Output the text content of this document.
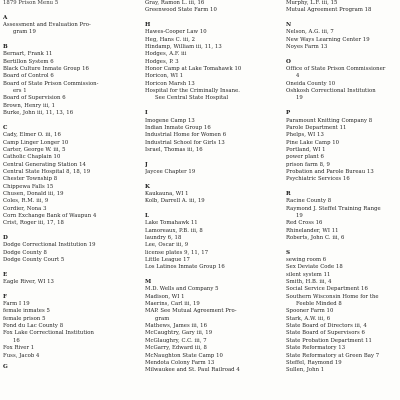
1879 Prison Menu 5
A
Assessment and Evaluation Pro-
gram 19
B
Bernart, Frank 11
Bertillon System 6
Black Culture Inmate Group 16
Board of Control 6
Board of State Prison Commission-
ers 1
Board of Supervision 6
Brown, Henry iii, 1
Burke, John iii, 11, 13, 16
C
Cady, Elmer O. iii, 16
Camp Linger Longer 10
Carter, George W. iii, 5
Catholic Chaplain 10
Central Generating Station 14
Central State Hospital 8, 18, 19
Chester Township 8
Chippewa Falls 15
Chusen, Donald iii, 19
Coles, R.M. iii, 9
Cordier, Nona 3
Corn Exchange Bank of Waupun 4
Crist, Roger iii, 17, 18
D
Dodge Correctional Institution 19
Dodge County 8
Dodge County Court 5
E
Eagle River, WI 13
F
Farm I 19
female inmates 5
female prison 5
Fond du Lac County 8
Fox Lake Correctional Institution
16
Fox River 1
Fuss, Jacob 4
G
Gray, Ramon L. iii, 16
Greenwood State Farm 10
H
Hawes-Cooper Law 10
Heg, Hans C. iii, 2
Hindamp, William iii, 11, 13
Hodges, A.F. iii
Hodges, P. 3
Honor Camp at Lake Tomahawk 10
Horicon, WI 1
Horicon Marsh 13
Hospital for the Criminally Insane.
See Central State Hospital
I
Imogene Camp 13
Indian Inmate Group 16
Industrial Home for Women 6
Industrial School for Girls 13
Israel, Thomas iii, 16
J
Jaycee Chapter 19
K
Kaukauna, WI 1
Kolb, Darrell A. iii, 19
L
Lake Tomahawk 11
Lamoreaux, P.B. iii, 8
laundry 6, 18
Lee, Oscar iii, 9
license plates 9, 11, 17
Little League 17
Los Latinos Inmate Group 16
M
M.D. Wells and Company 5
Madison, WI 1
Maerins, Carl iii, 19
MAP. See Mutual Agreement Pro-
gram
Mathews, James iii, 16
McCaughtry, Gary iii, 19
McGlaughry, C.C. iii, 7
McGarry, Edward iii, 8
McNaughton State Camp 10
Mendota Colony Farm 13
Milwaukee and St. Paul Railroad 4
Murphy, L.F. iii, 15
Mutual Agreement Program 18
N
Nelson, A.G. iii, 7
New Ways Learning Center 19
Noyes Farm 13
O
Office of State Prison Commissioner
4
Oneida County 10
Oshkosh Correctional Institution
19
P
Paramount Knitting Company 8
Parole Department 11
Phelps, WI 13
Pine Lake Camp 10
Portland, WI 1
power plant 6
prison farm 8, 9
Probation and Parole Bureau 13
Psychiatric Services 16
R
Racine County 8
Raymond J. Steffel Training Range
19
Red Cross 16
Rhinelander, WI 11
Roberts, John C. iii, 6
S
sewing room 6
Sex Deviate Code 18
silent system 11
Smith, H.B. iii, 4
Social Service Department 16
Southern Wisconsin Home for the
Feeble Minded 8
Spooner Farm 10
Stark, A.W. iii, 6
State Board of Directors iii, 4
State Board of Supervisors 6
State Probation Department 11
State Reformatory 13
State Reformatory at Green Bay 7
Steffel, Raymond 19
Sullen, John 1
